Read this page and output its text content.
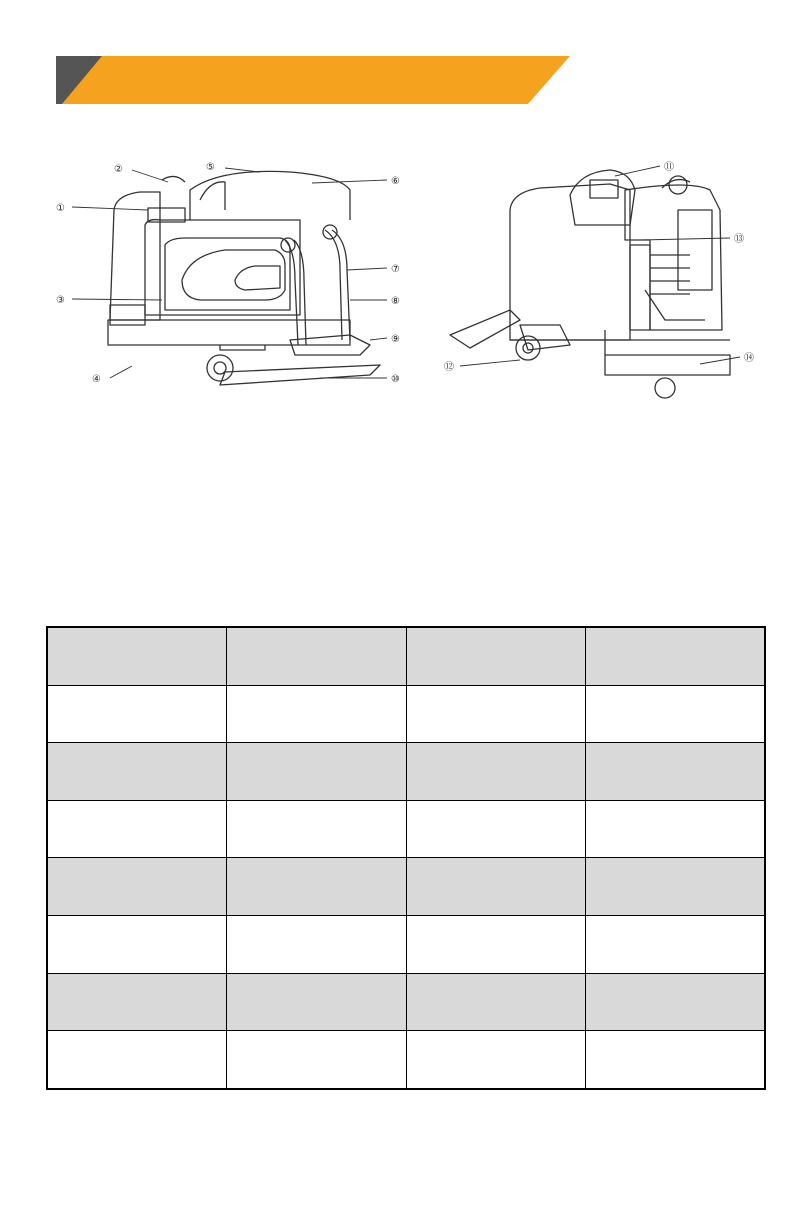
①
②
③
④
⑤
⑥
⑦
⑧
⑨
⑩
⑪
⑫
⑬
⑭
